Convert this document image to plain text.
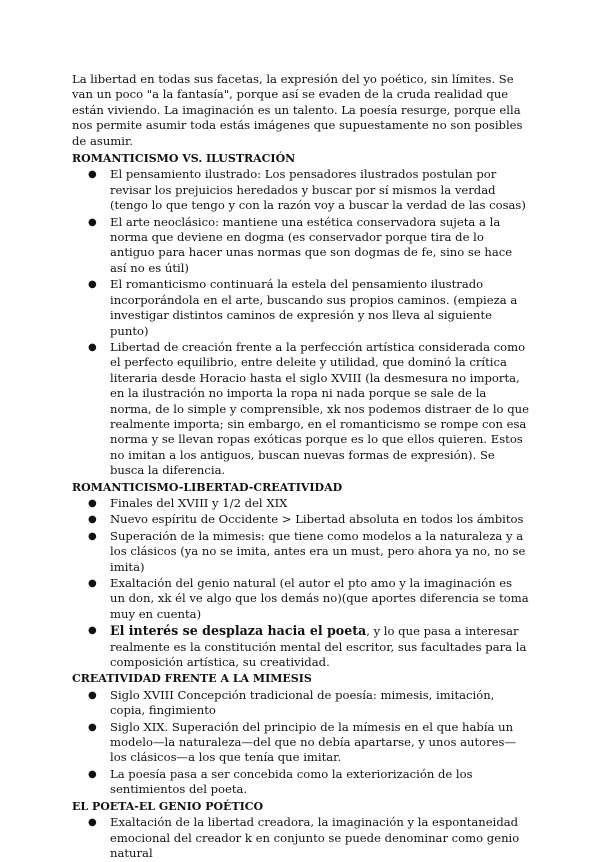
La libertad en todas sus facetas, la expresión del yo poético, sin límites. Se van un poco "a la fantasía", porque así se evaden de la cruda realidad que están viviendo. La imaginación es un talento. La poesía resurge, porque ella nos permite asumir toda estás imágenes que supuestamente no son posibles de asumir.

ROMANTICISMO VS. ILUSTRACIÓN

● El pensamiento ilustrado: Los pensadores ilustrados postulan por revisar los prejuicios heredados y buscar por sí mismos la verdad (tengo lo que tengo y con la razón voy a buscar la verdad de las cosas)
● El arte neoclásico: mantiene una estética conservadora sujeta a la norma que deviene en dogma (es conservador porque tira de lo antiguo para hacer unas normas que son dogmas de fe, sino se hace así no es útil)
● El romanticismo continuará la estela del pensamiento ilustrado incorporándola en el arte, buscando sus propios caminos. (empieza a investigar distintos caminos de expresión y nos lleva al siguiente punto)
● Libertad de creación frente a la perfección artística considerada como el perfecto equilibrio, entre deleite y utilidad, que dominó la crítica literaria desde Horacio hasta el siglo XVIII (la desmesura no importa, en la ilustración no importa la ropa ni nada porque se sale de la norma, de lo simple y comprensible, xk nos podemos distraer de lo que realmente importa; sin embargo, en el romanticismo se rompe con esa norma y se llevan ropas exóticas porque es lo que ellos quieren. Estos no imitan a los antiguos, buscan nuevas formas de expresión). Se busca la diferencia.

ROMANTICISMO-LIBERTAD-CREATIVIDAD

● Finales del XVIII y 1/2 del XIX
● Nuevo espíritu de Occidente > Libertad absoluta en todos los ámbitos
● Superación de la mimesis: que tiene como modelos a la naturaleza y a los clásicos (ya no se imita, antes era un must, pero ahora ya no, no se imita)
● Exaltación del genio natural (el autor el pto amo y la imaginación es un don, xk él ve algo que los demás no)(que aportes diferencia se toma muy en cuenta)
● El interés se desplaza hacia el poeta, y lo que pasa a interesar realmente es la constitución mental del escritor, sus facultades para la composición artística, su creatividad.

CREATIVIDAD FRENTE A LA MIMESIS

● Siglo XVIII Concepción tradicional de poesía: mimesis, imitación, copia, fingimiento
● Siglo XIX. Superación del principio de la mímesis en el que había un modelo—la naturaleza—del que no debía apartarse, y unos autores—los clásicos—a los que tenía que imitar.
● La poesía pasa a ser concebida como la exteriorización de los sentimientos del poeta.

EL POETA-EL GENIO POÉTICO

● Exaltación de la libertad creadora, la imaginación y la espontaneidad emocional del creador k en conjunto se puede denominar como genio natural
